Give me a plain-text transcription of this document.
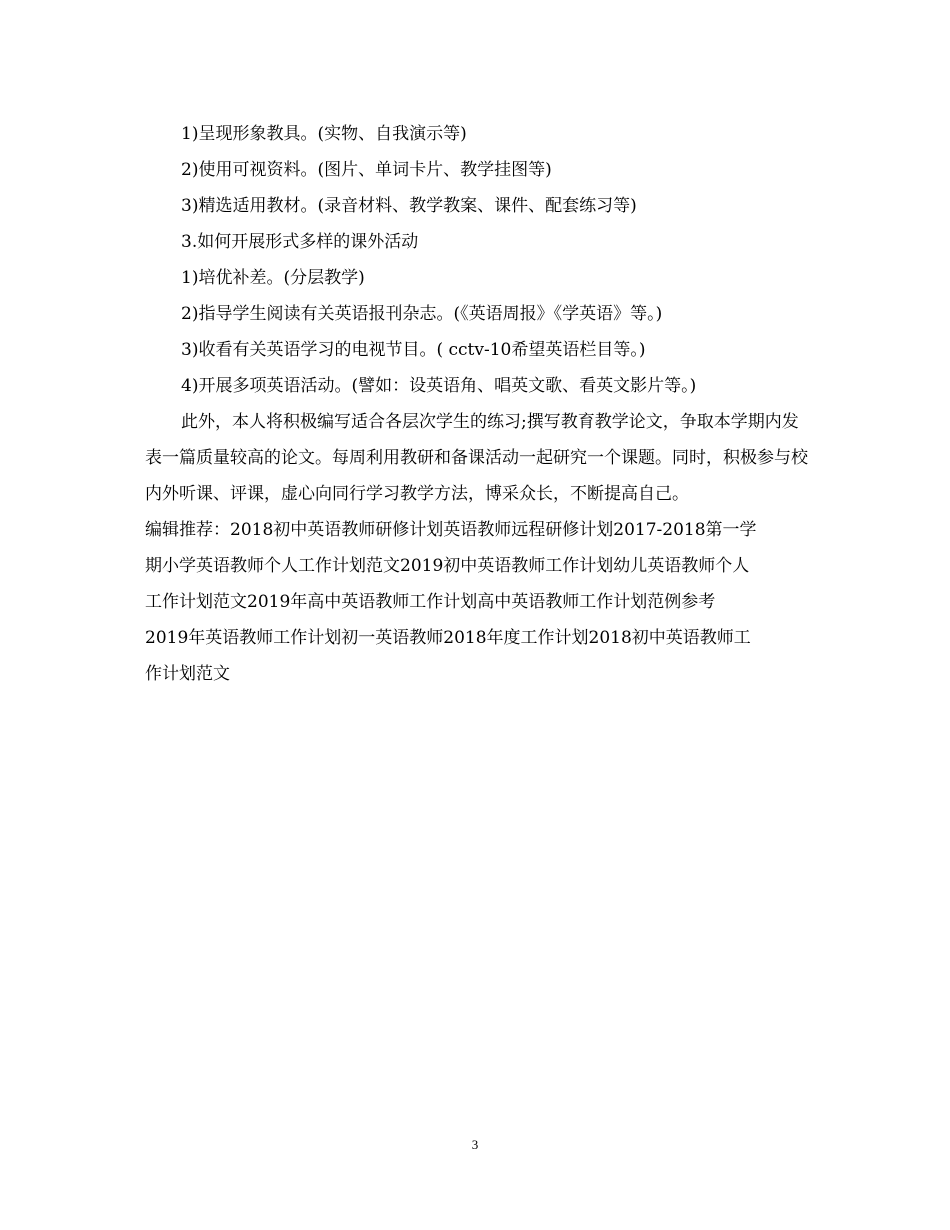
1)呈现形象教具。(实物、自我演示等)
2)使用可视资料。(图片、单词卡片、教学挂图等)
3)精选适用教材。(录音材料、教学教案、课件、配套练习等)
3.如何开展形式多样的课外活动
1)培优补差。(分层教学)
2)指导学生阅读有关英语报刊杂志。(《英语周报》《学英语》等。)
3)收看有关英语学习的电视节目。( cctv-10希望英语栏目等。)
4)开展多项英语活动。(譬如：设英语角、唱英文歌、看英文影片等。)

此外，本人将积极编写适合各层次学生的练习;撰写教育教学论文，争取本学期内发表一篇质量较高的论文。每周利用教研和备课活动一起研究一个课题。同时，积极参与校内外听课、评课，虚心向同行学习教学方法，博采众长，不断提高自己。

编辑推荐：2018初中英语教师研修计划英语教师远程研修计划2017-2018第一学
期小学英语教师个人工作计划范文2019初中英语教师工作计划幼儿英语教师个人
工作计划范文2019年高中英语教师工作计划高中英语教师工作计划范例参考
2019年英语教师工作计划初一英语教师2018年度工作计划2018初中英语教师工
作计划范文
3
